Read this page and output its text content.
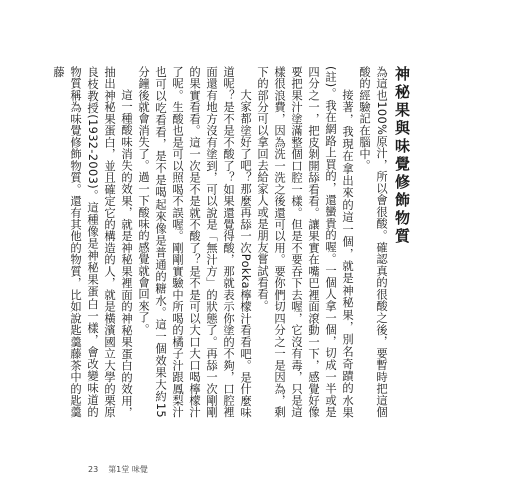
神秘果與味覺修飾物質

為這也100%原汁，所以會很酸。確認真的很酸之後，要暫時把這個酸的經驗記在腦中。

接著，我現在拿出來的這一個，就是神秘果，別名奇蹟的水果(註)。我在網路上買的，還蠻貴的喔。一個人拿一個，切成一半或是四分之一，把皮剝開舔看看。讓果實在嘴巴裡面滾動一下，感覺好像要把果汁塗滿整個口腔一樣。但是不要吞下去喔，它沒有毒，只是這樣很浪費，因為洗一洗之後還可以用。要你們切四分之一是因為，剩下的部分可以拿回去給家人或是朋友嘗試看看。

大家都塗好了吧？那麼再舔一次Pokka檸檬汁看看吧。是什麼味道呢？是不是不酸了？如果還覺得酸，那就表示你塗的不夠，口腔裡面還有地方沒有塗到，可以說是「無汁方」的狀態了。再舔一次剛剛的果實看看。這一次是不是就不酸了？是不是可以大口大口喝檸檬汁了呢。生酸也是可以照喝不誤喔。剛剛實驗中所喝的橘子汁跟鳳梨汁也可以吃看看，是不是喝起來像是普通的糖水。這一個效果大約15分鐘後就會消失了。過一下酸味的感覺就會回來了。

這一種酸味消失的效果，就是神秘果裡面的神秘果蛋白的效用，抽出神秘果蛋白，並且確定它的構造的人，就是橫濱國立大學的栗原良枝教授(1932-2003)。這種像是神秘果蛋白一樣，會改變味道的物質稱為味覺修飾物質。還有其他的物質，比如說匙羹藤茶中的匙羹藤

23 第1堂 味覺
